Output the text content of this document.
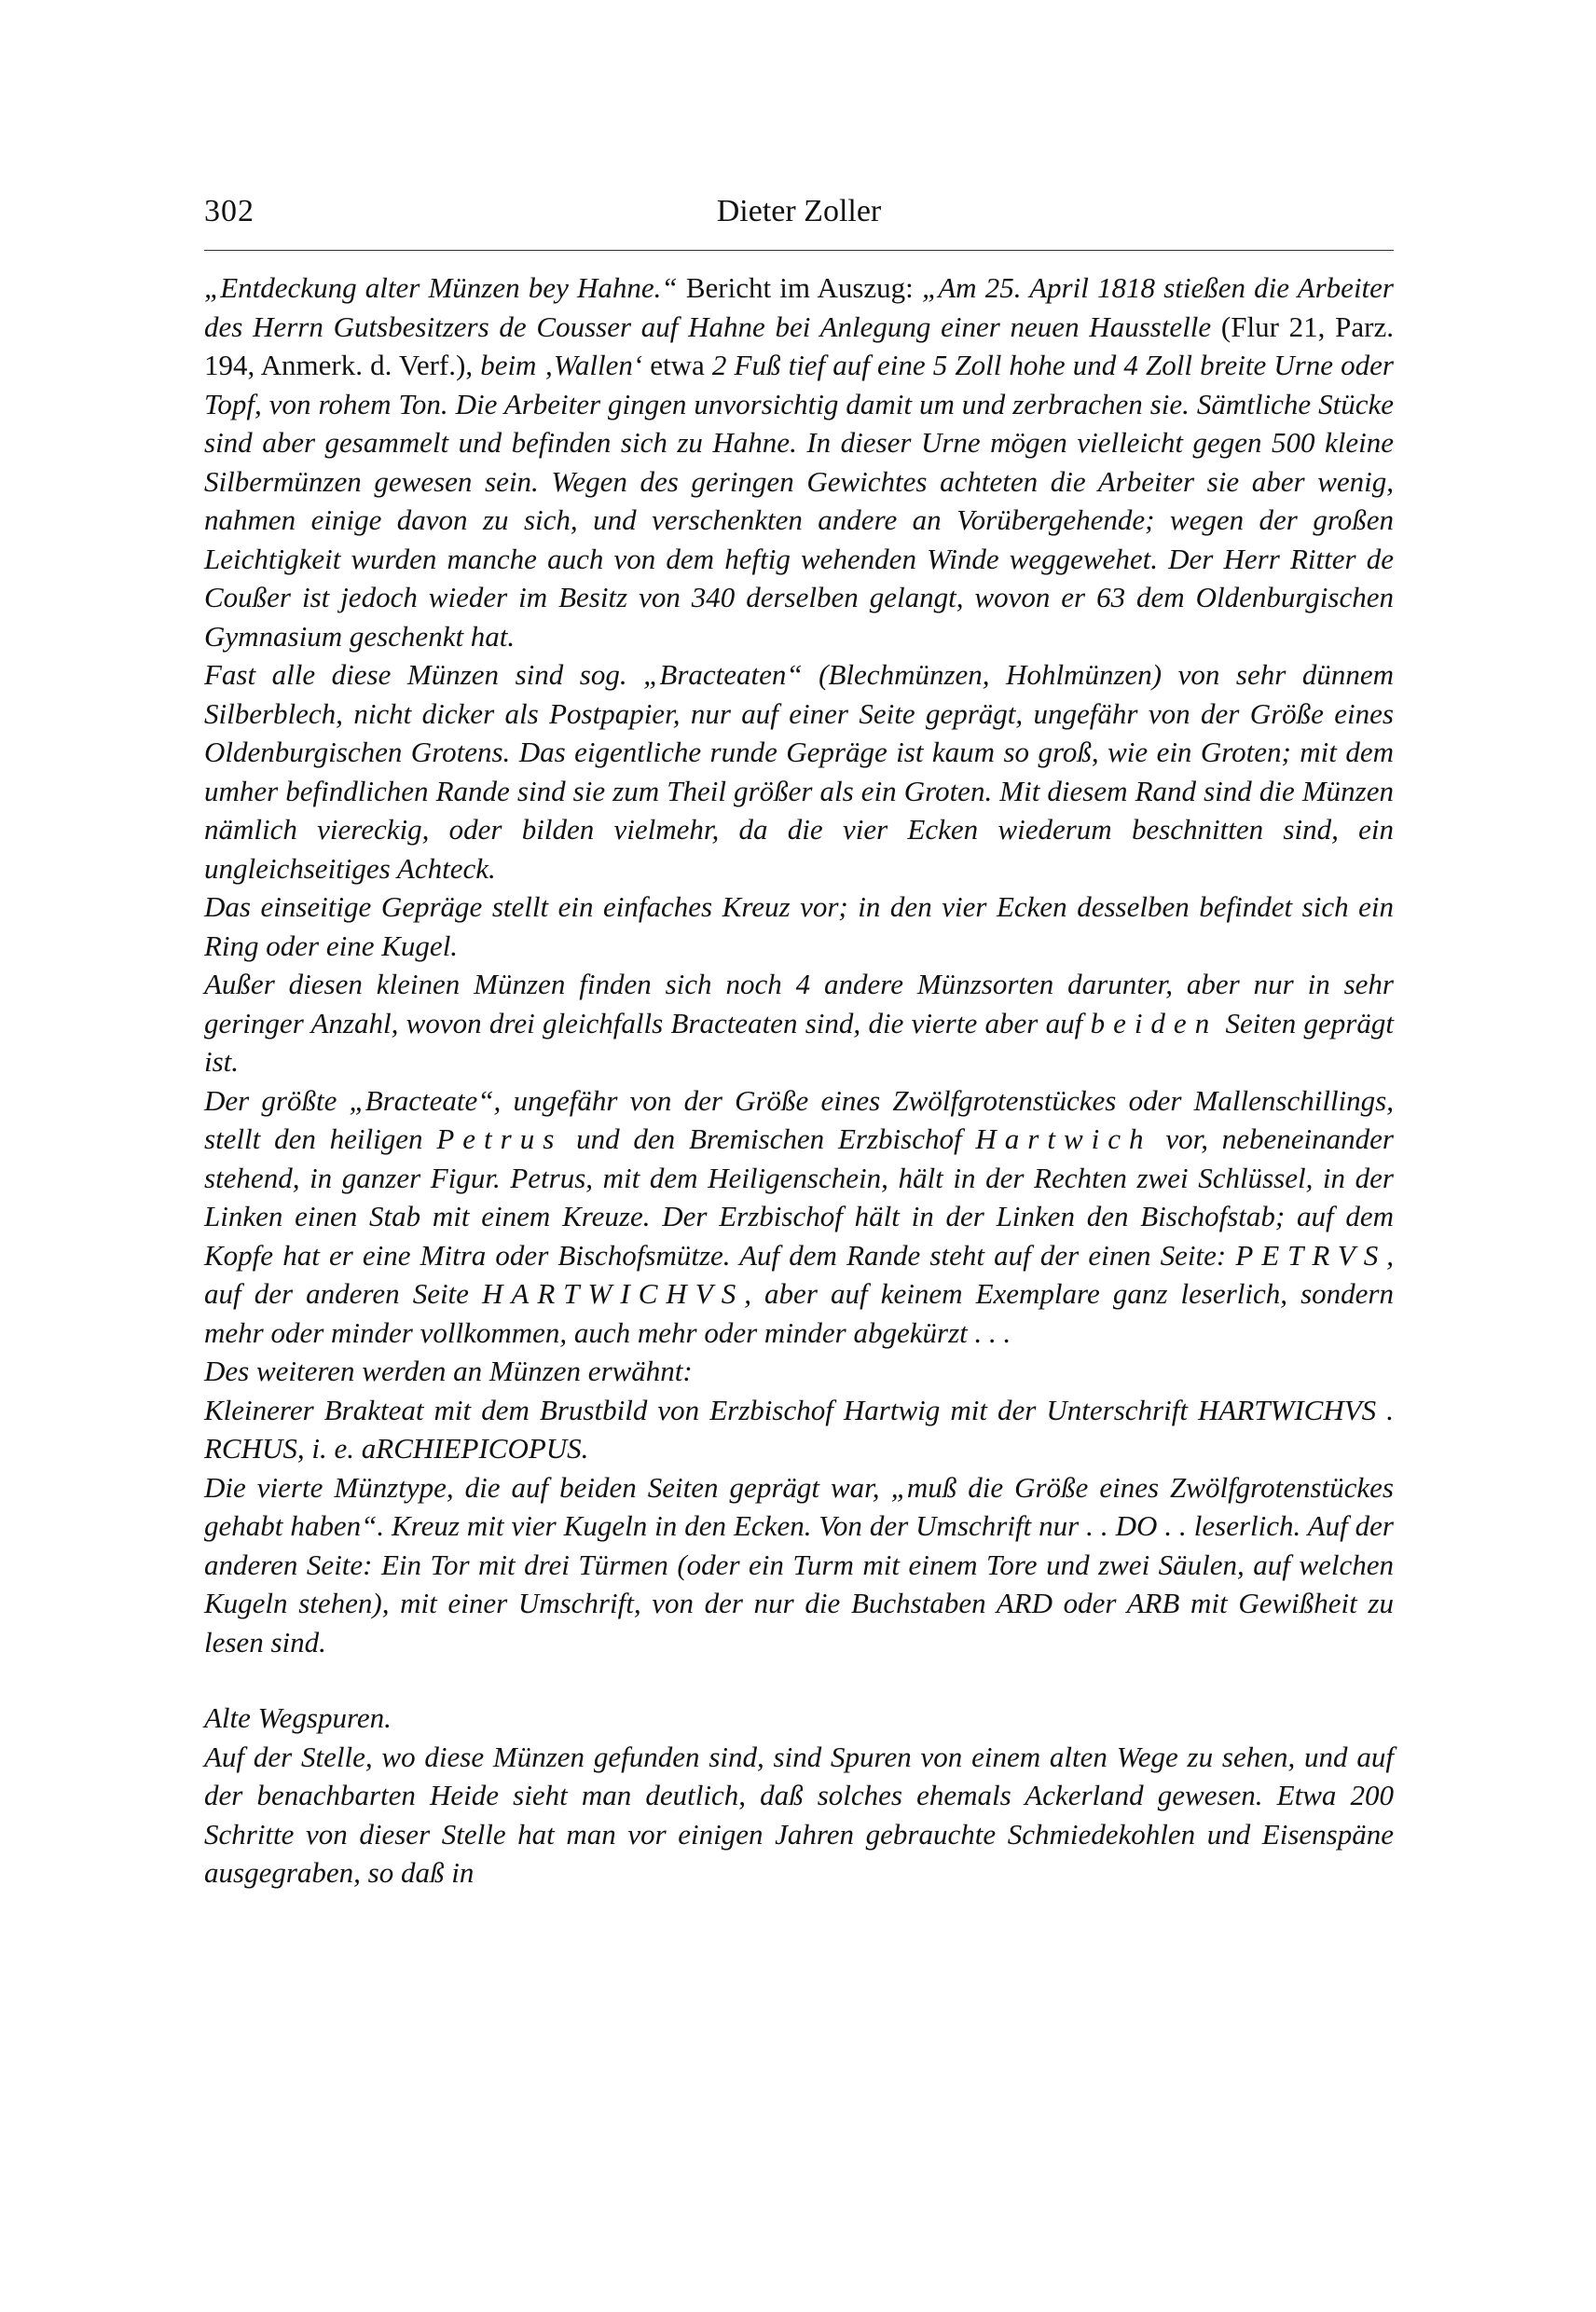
302	Dieter Zoller

„Entdeckung alter Münzen bey Hahne.“ Bericht im Auszug: „Am 25. April 1818 stießen die Arbeiter des Herrn Gutsbesitzers de Cousser auf Hahne bei Anlegung einer neuen Hausstelle (Flur 21, Parz. 194, Anmerk. d. Verf.), beim ‚Wallen‘ etwa 2 Fuß tief auf eine 5 Zoll hohe und 4 Zoll breite Urne oder Topf, von rohem Ton. Die Arbeiter gingen unvorsichtig damit um und zerbrachen sie. Sämtliche Stücke sind aber gesammelt und befinden sich zu Hahne. In dieser Urne mögen vielleicht gegen 500 kleine Silbermünzen gewesen sein. Wegen des geringen Gewichtes achteten die Arbeiter sie aber wenig, nahmen einige davon zu sich, und verschenkten andere an Vorübergehende; wegen der großen Leichtigkeit wurden manche auch von dem heftig wehenden Winde weggewehet. Der Herr Ritter de Coußer ist jedoch wieder im Besitz von 340 derselben gelangt, wovon er 63 dem Oldenburgischen Gymnasium geschenkt hat.

Fast alle diese Münzen sind sog. „Bracteaten“ (Blechmünzen, Hohlmünzen) von sehr dünnem Silberblech, nicht dicker als Postpapier, nur auf einer Seite geprägt, ungefähr von der Größe eines Oldenburgischen Grotens. Das eigentliche runde Gepräge ist kaum so groß, wie ein Groten; mit dem umher befindlichen Rande sind sie zum Theil größer als ein Groten. Mit diesem Rand sind die Münzen nämlich viereckig, oder bilden vielmehr, da die vier Ecken wiederum beschnitten sind, ein ungleichseitiges Achteck.

Das einseitige Gepräge stellt ein einfaches Kreuz vor; in den vier Ecken desselben befindet sich ein Ring oder eine Kugel.

Außer diesen kleinen Münzen finden sich noch 4 andere Münzsorten darunter, aber nur in sehr geringer Anzahl, wovon drei gleichfalls Bracteaten sind, die vierte aber auf beiden Seiten geprägt ist.

Der größte „Bracteate“, ungefähr von der Größe eines Zwölfgrotenstückes oder Mallenschillings, stellt den heiligen Petrus und den Bremischen Erzbischof Hartwich vor, nebeneinander stehend, in ganzer Figur. Petrus, mit dem Heiligenschein, hält in der Rechten zwei Schlüssel, in der Linken einen Stab mit einem Kreuze. Der Erzbischof hält in der Linken den Bischofstab; auf dem Kopfe hat er eine Mitra oder Bischofsmütze. Auf dem Rande steht auf der einen Seite: PETRVS, auf der anderen Seite HARTWICHVS, aber auf keinem Exemplare ganz leserlich, sondern mehr oder minder vollkommen, auch mehr oder minder abgekürzt . . .

Des weiteren werden an Münzen erwähnt:

Kleinerer Brakteat mit dem Brustbild von Erzbischof Hartwig mit der Unterschrift HARTWICHVS . RCHUS, i. e. aRCHIEPICOPUS.

Die vierte Münztype, die auf beiden Seiten geprägt war, „muß die Größe eines Zwölfgrotenstückes gehabt haben“. Kreuz mit vier Kugeln in den Ecken. Von der Umschrift nur . . DO . . leserlich. Auf der anderen Seite: Ein Tor mit drei Türmen (oder ein Turm mit einem Tore und zwei Säulen, auf welchen Kugeln stehen), mit einer Umschrift, von der nur die Buchstaben ARD oder ARB mit Gewißheit zu lesen sind.

Alte Wegspuren.

Auf der Stelle, wo diese Münzen gefunden sind, sind Spuren von einem alten Wege zu sehen, und auf der benachbarten Heide sieht man deutlich, daß solches ehemals Ackerland gewesen. Etwa 200 Schritte von dieser Stelle hat man vor einigen Jahren gebrauchte Schmiedekohlen und Eisenspäne ausgegraben, so daß in
